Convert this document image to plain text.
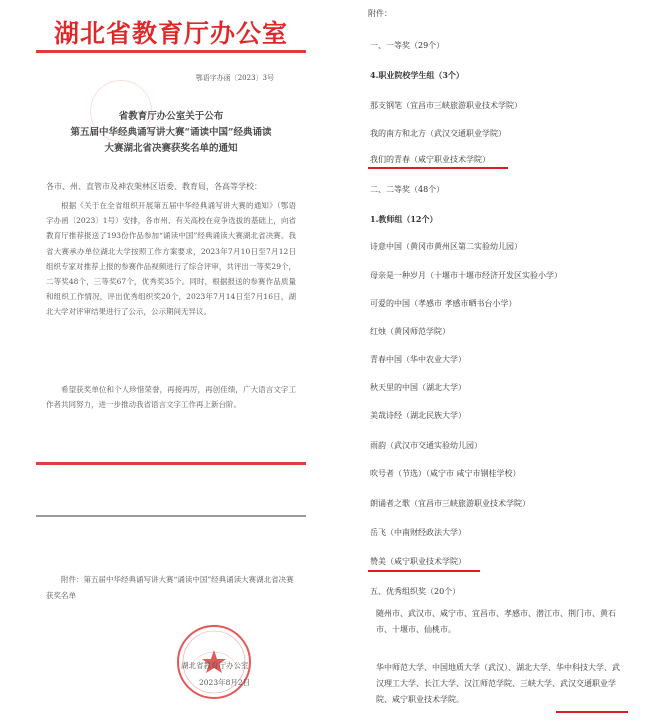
湖北省教育厅办公室
鄂语字办函〔2023〕3号
省教育厅办公室关于公布
第五届中华经典诵写讲大赛“诵读中国”经典诵读
大赛湖北省决赛获奖名单的通知
各市、州、直管市及神农架林区语委、教育局，各高等学校：

根据《关于在全省组织开展第五届中华经典诵写讲大赛的通知》（鄂语字办函〔2023〕1号）安排，各市州、有关高校在竞争选拔的基础上，向省教育厅推荐报送了193份作品参加“诵读中国”经典诵读大赛湖北省决赛。我省大赛承办单位湖北大学按照工作方案要求，2023年7月10日至7月12日组织专家对推荐上报的参赛作品视频进行了综合评审，共评出一等奖29个，二等奖48个，三等奖67个，优秀奖35个。同时，根据报送的参赛作品质量和组织工作情况，评出优秀组织奖20个，2023年7月14日至7月16日，湖北大学对评审结果进行了公示，公示期间无异议。

希望获奖单位和个人珍惜荣誉，再接再厉，再创佳绩，广大语言文字工作者共同努力，进一步推动我省语言文字工作再上新台阶。

附件：第五届中华经典诵写讲大赛“诵读中国”经典诵读大赛湖北省决赛获奖名单

湖北省教育厅办公室
2023年8月2日
附件：
一、一等奖（29个）
4.职业院校学生组（3个）
那支钢笔（宜昌市三峡旅游职业技术学院）
我的南方和北方（武汉交通职业学院）
我们的青春（咸宁职业技术学院）
二、二等奖（48个）
1.教师组（12个）
诗意中国（黄冈市黄州区第二实验幼儿园）
母亲是一种岁月（十堰市十堰市经济开发区实验小学）
可爱的中国（孝感市 孝感市晒书台小学）
红烛（黄冈师范学院）
青春中国（华中农业大学）
秋天里的中国（湖北大学）
美哉诗经（湖北民族大学）
雨韵（武汉市交通实验幼儿园）
吹号者（节选）（咸宁市 咸宁市钢桂学校）
朗诵者之歌（宜昌市三峡旅游职业技术学院）
岳飞（中南财经政法大学）
赞美（咸宁职业技术学院）
五、优秀组织奖（20个）

随州市、武汉市、咸宁市、宜昌市、孝感市、潜江市、荆门市、黄石市、十堰市、仙桃市。

华中师范大学、中国地质大学（武汉）、湖北大学、华中科技大学、武汉理工大学、长江大学、汉江师范学院、三峡大学、武汉交通职业学院、咸宁职业技术学院。
